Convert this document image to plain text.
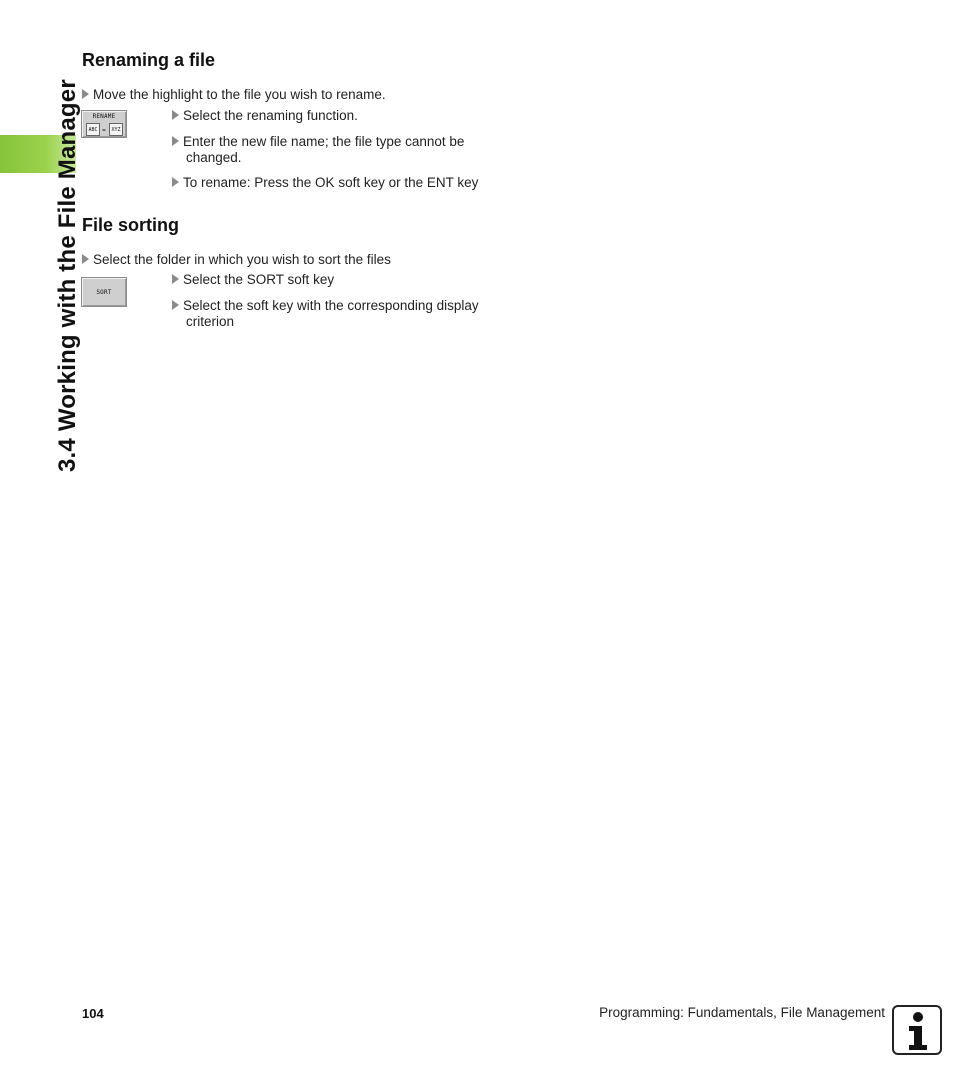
3.4 Working with the File Manager
Renaming a file
Move the highlight to the file you wish to rename.
RENAME
ABC =	XYZ
Select the renaming function.
Enter the new file name; the file type cannot be
changed.
To rename: Press the OK soft key or the ENT key
File sorting
Select the folder in which you wish to sort the files
SORT
Select the SORT soft key
Select the soft key with the corresponding display
criterion
104	Programming: Fundamentals, File Management
